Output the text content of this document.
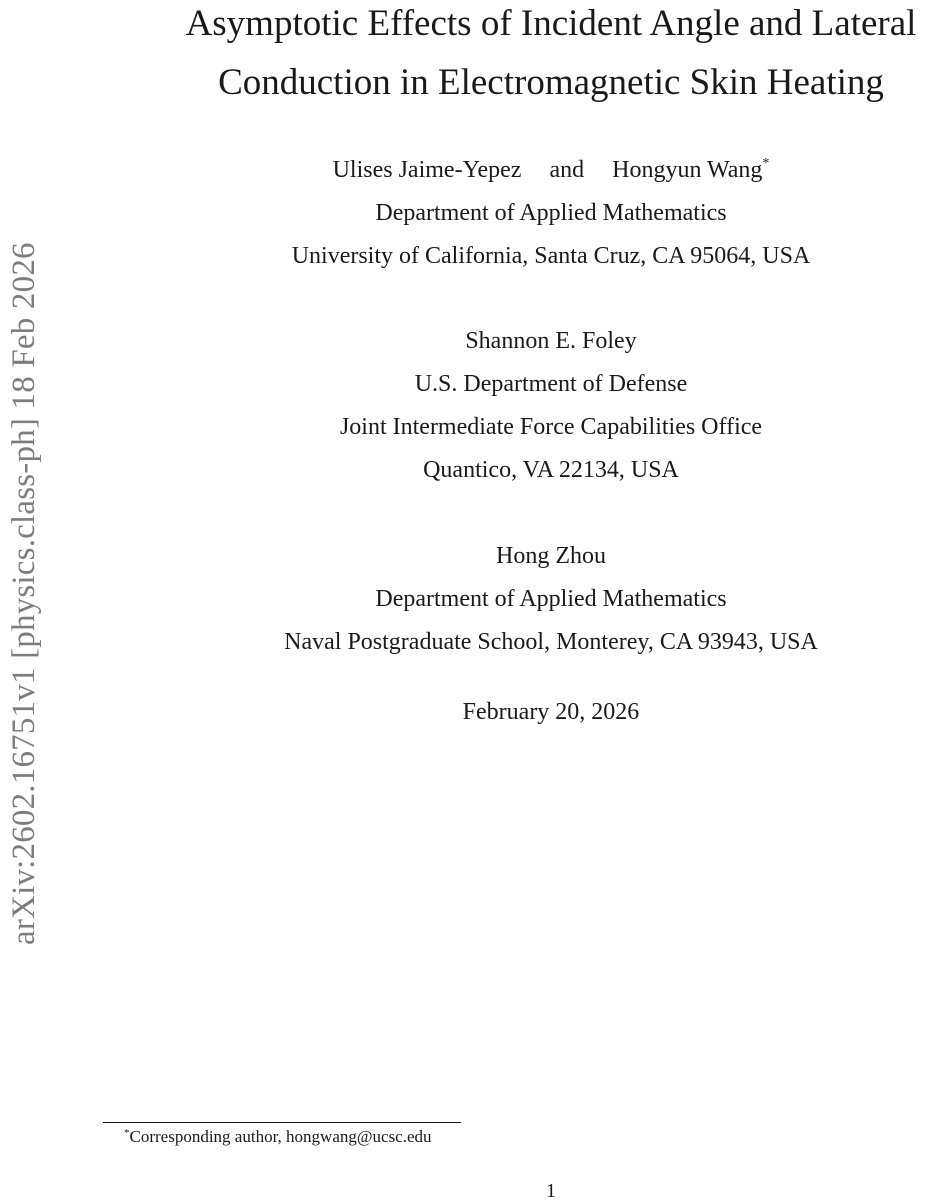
arXiv:2602.16751v1 [physics.class-ph] 18 Feb 2026
Asymptotic Effects of Incident Angle and Lateral
Conduction in Electromagnetic Skin Heating
Ulises Jaime-Yepez and Hongyun Wang*
Department of Applied Mathematics
University of California, Santa Cruz, CA 95064, USA
Shannon E. Foley
U.S. Department of Defense
Joint Intermediate Force Capabilities Office
Quantico, VA 22134, USA
Hong Zhou
Department of Applied Mathematics
Naval Postgraduate School, Monterey, CA 93943, USA
February 20, 2026
*Corresponding author, hongwang@ucsc.edu
1
